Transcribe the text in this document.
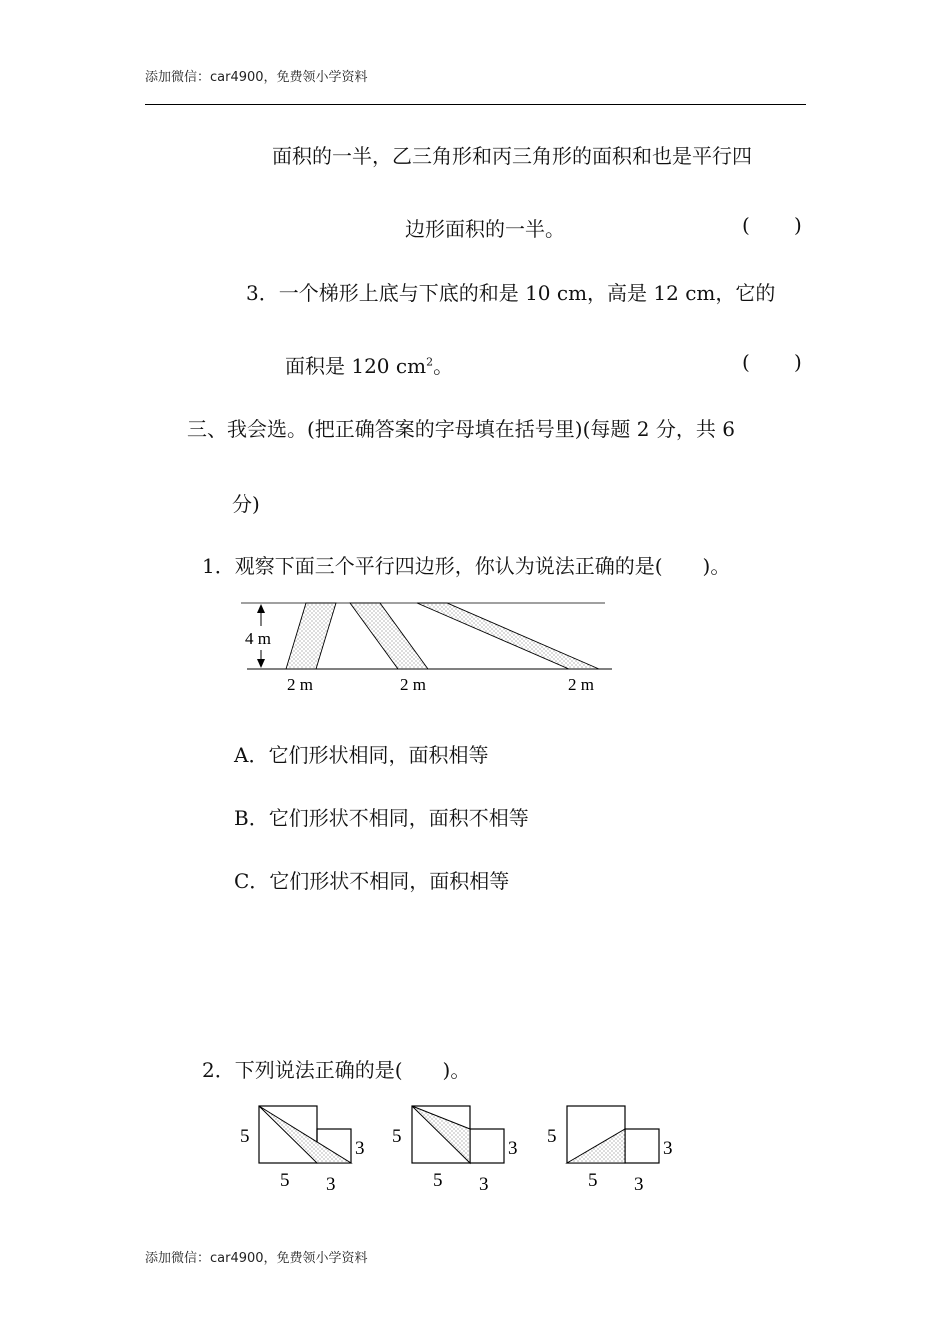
添加微信：car4900，免费领小学资料
面积的一半，乙三角形和丙三角形的面积和也是平行四
边形面积的一半。	( )
3．一个梯形上底与下底的和是 10 cm，高是 12 cm，它的
面积是 120 $cm^2$。	( )
三、我会选。(把正确答案的字母填在括号里)(每题 2 分，共 6
分)
1．观察下面三个平行四边形，你认为说法正确的是(　　)。
4 m
2 m	2 m	2 m
A．它们形状相同，面积相等
B．它们形状不相同，面积不相等
C．它们形状不相同，面积相等
2．下列说法正确的是(　　)。
5
3
5 3
5
3
5 3
5
3
5 3
添加微信：car4900，免费领小学资料
